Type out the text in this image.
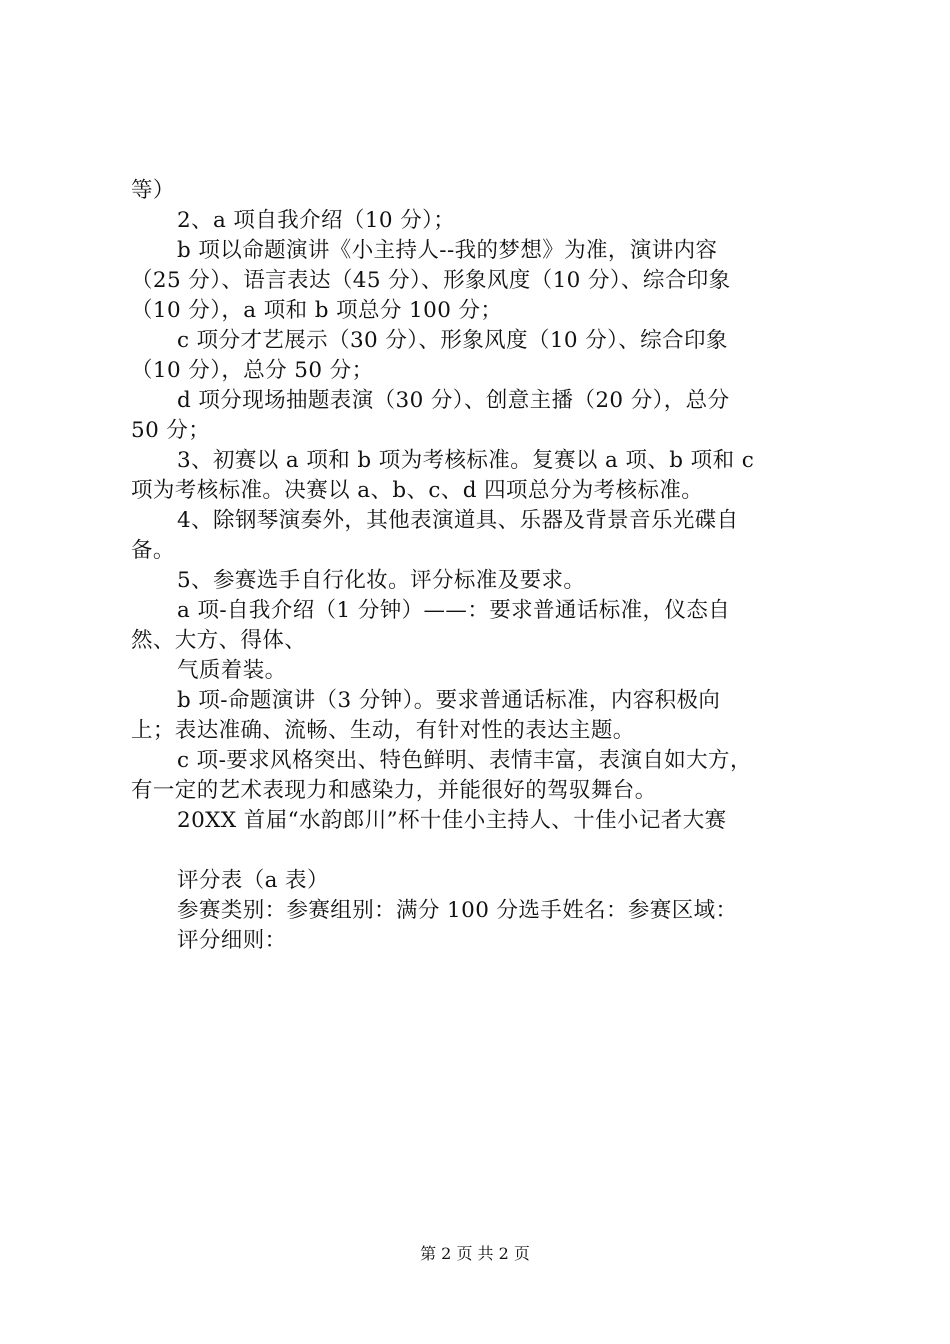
等）
2、a 项自我介绍（10 分）；
b 项以命题演讲《小主持人--我的梦想》为准，演讲内容
（25 分）、语言表达（45 分）、形象风度（10 分）、综合印象
（10 分），a 项和 b 项总分 100 分；
c 项分才艺展示（30 分）、形象风度（10 分）、综合印象
（10 分），总分 50 分；
d 项分现场抽题表演（30 分）、创意主播（20 分），总分
50 分；
3、初赛以 a 项和 b 项为考核标准。复赛以 a 项、b 项和 c
项为考核标准。决赛以 a、b、c、d 四项总分为考核标准。
4、除钢琴演奏外，其他表演道具、乐器及背景音乐光碟自
备。
5、参赛选手自行化妆。评分标准及要求。
a 项-自我介绍（1 分钟）——：要求普通话标准，仪态自
然、大方、得体、
气质着装。
b 项-命题演讲（3 分钟）。要求普通话标准，内容积极向
上；表达准确、流畅、生动，有针对性的表达主题。
c 项-要求风格突出、特色鲜明、表情丰富，表演自如大方，
有一定的艺术表现力和感染力，并能很好的驾驭舞台。
20XX 首届“水韵郎川”杯十佳小主持人、十佳小记者大赛
评分表（a 表）
参赛类别：参赛组别：满分 100 分选手姓名：参赛区域：
评分细则：
第 2 页 共 2 页
